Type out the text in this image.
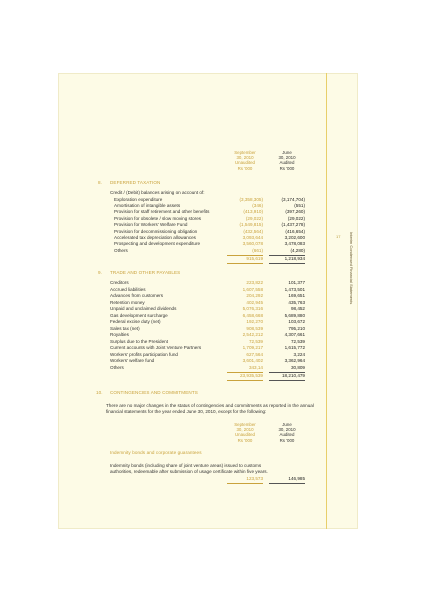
17 Interim Condensed Financial Statements
September
30, 2010
Unaudited
Rs '000
June
30, 2010
Audited
Rs '000
8. DEFERRED TAXATION
Credit / (Debit) balances arising on account of:
Exploration expenditure	(3,358,305)	(3,174,704)
Amortisation of intangible assets	(346)	(551)
Provision for staff retirement and other benefits	(413,910)	(397,260)
Provision for obsolete / slow moving stores	(29,022)	(29,022)
Provision for Workers' Welfare Fund	(1,549,815)	(1,437,278)
Provision for decommissioning obligation	(432,564)	(416,654)
Accelerated tax depreciation allowances	3,093,644	3,202,600
Prospecting and development expenditure	3,560,078	3,478,083
Others	(661)	(4,280)
915,619	1,218,934
9. TRADE AND OTHER PAYABLES
Creditors	223,822	101,377
Accrued liabilities	1,607,558	1,473,501
Advances from customers	204,292	169,651
Retention money	402,945	435,763
Unpaid and unclaimed dividends	5,076,316	98,452
Gas development surcharge	6,458,668	5,689,880
Federal excise duty (net)	192,270	103,672
Sales tax (net)	908,539	795,210
Royalties	2,542,212	4,307,661
Surplus due to the President	72,539	72,539
Current accounts with Joint Venture Partners	1,709,217	1,615,772
Workers' profits participation fund	627,564	3,224
Workers' welfare fund	3,601,402	3,362,964
Others	343,14	30,809
23,935,539	18,210,479
10. CONTINGENCIES AND COMMITMENTS
There are no major changes in the status of contingencies and commitments as reported in the annual financial statements for the year ended June 30, 2010, except for the following:
September
30, 2010
Unaudited
Rs '000
June
30, 2010
Audited
Rs '000
Indemnity bonds and corporate guarantees
Indemnity bonds (including share of joint venture areas) issued to customs authorities, redeemable after submission of usage certificate within five years.
123,573	146,985
